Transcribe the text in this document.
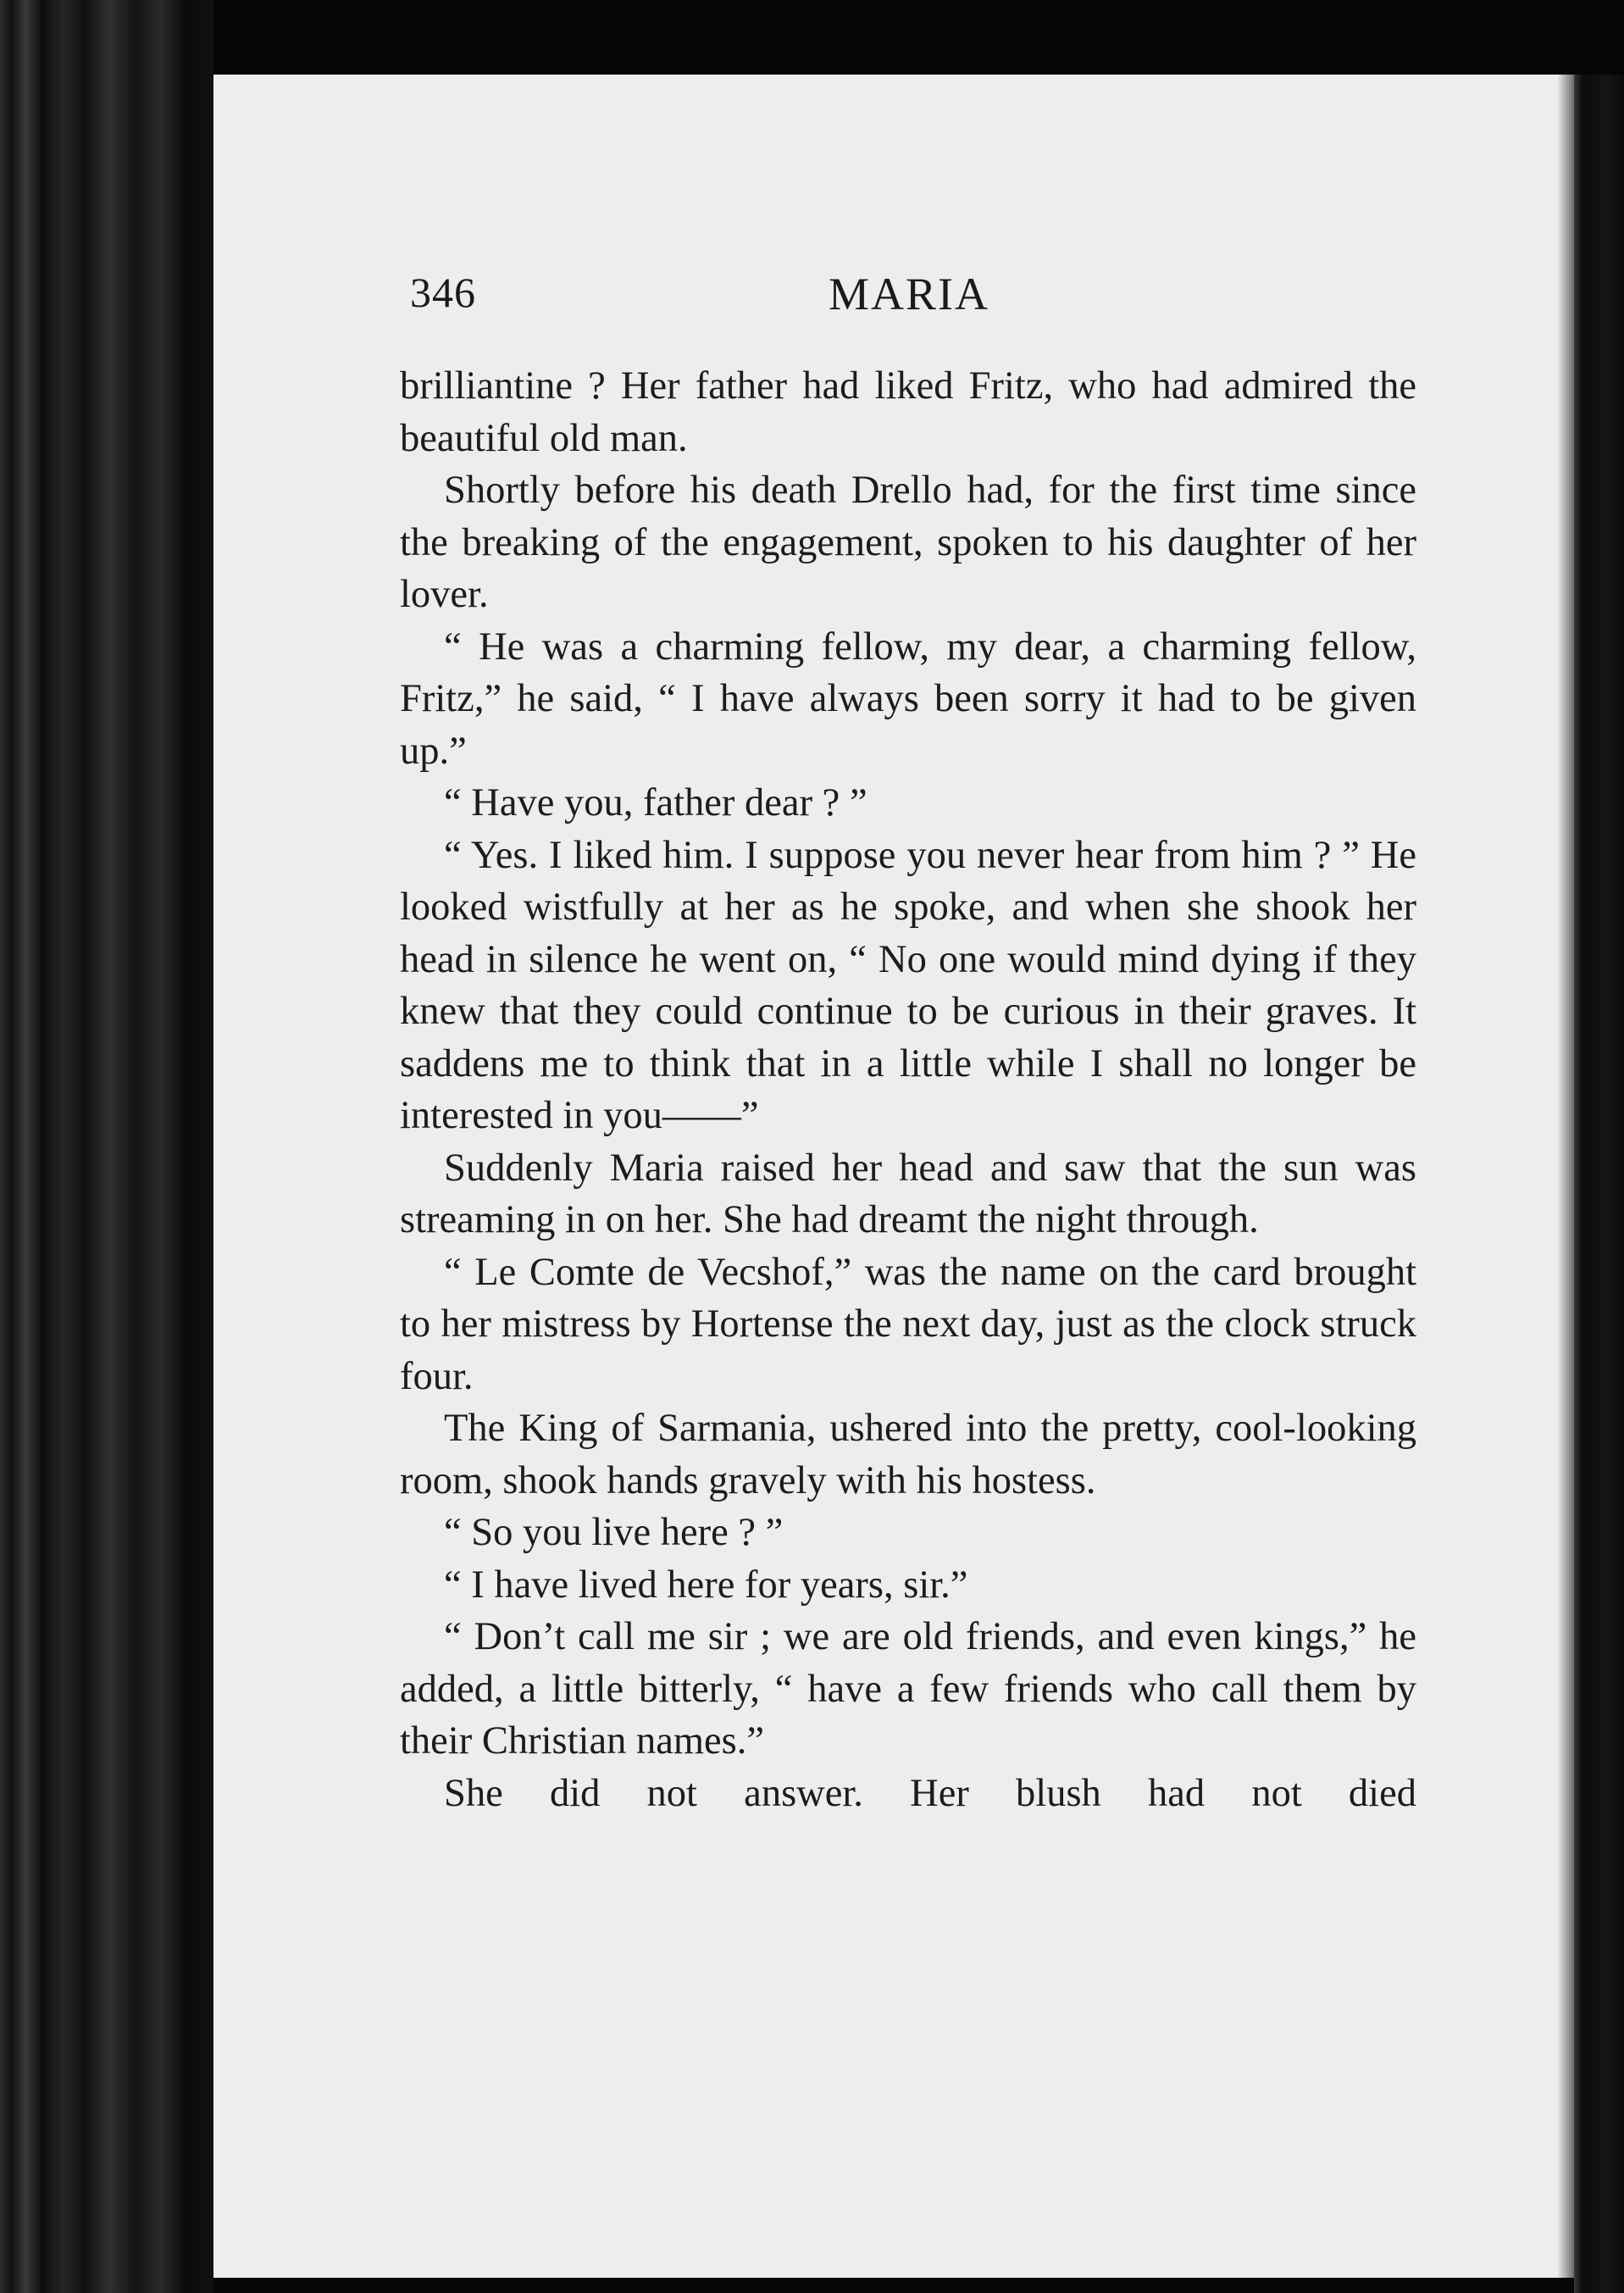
346	MARIA

brilliantine ? Her father had liked Fritz, who had admired the beautiful old man.

Shortly before his death Drello had, for the first time since the breaking of the engagement, spoken to his daughter of her lover.

“ He was a charming fellow, my dear, a charming fellow, Fritz,” he said, “ I have always been sorry it had to be given up.”

“ Have you, father dear ? ”

“ Yes. I liked him. I suppose you never hear from him ? ” He looked wistfully at her as he spoke, and when she shook her head in silence he went on, “ No one would mind dying if they knew that they could continue to be curious in their graves. It saddens me to think that in a little while I shall no longer be interested in you——”

Suddenly Maria raised her head and saw that the sun was streaming in on her. She had dreamt the night through.

“ Le Comte de Vecshof,” was the name on the card brought to her mistress by Hortense the next day, just as the clock struck four.

The King of Sarmania, ushered into the pretty, cool-looking room, shook hands gravely with his hostess.

“ So you live here ? ”

“ I have lived here for years, sir.”

“ Don’t call me sir ; we are old friends, and even kings,” he added, a little bitterly, “ have a few friends who call them by their Christian names.”

She did not answer. Her blush had not died
